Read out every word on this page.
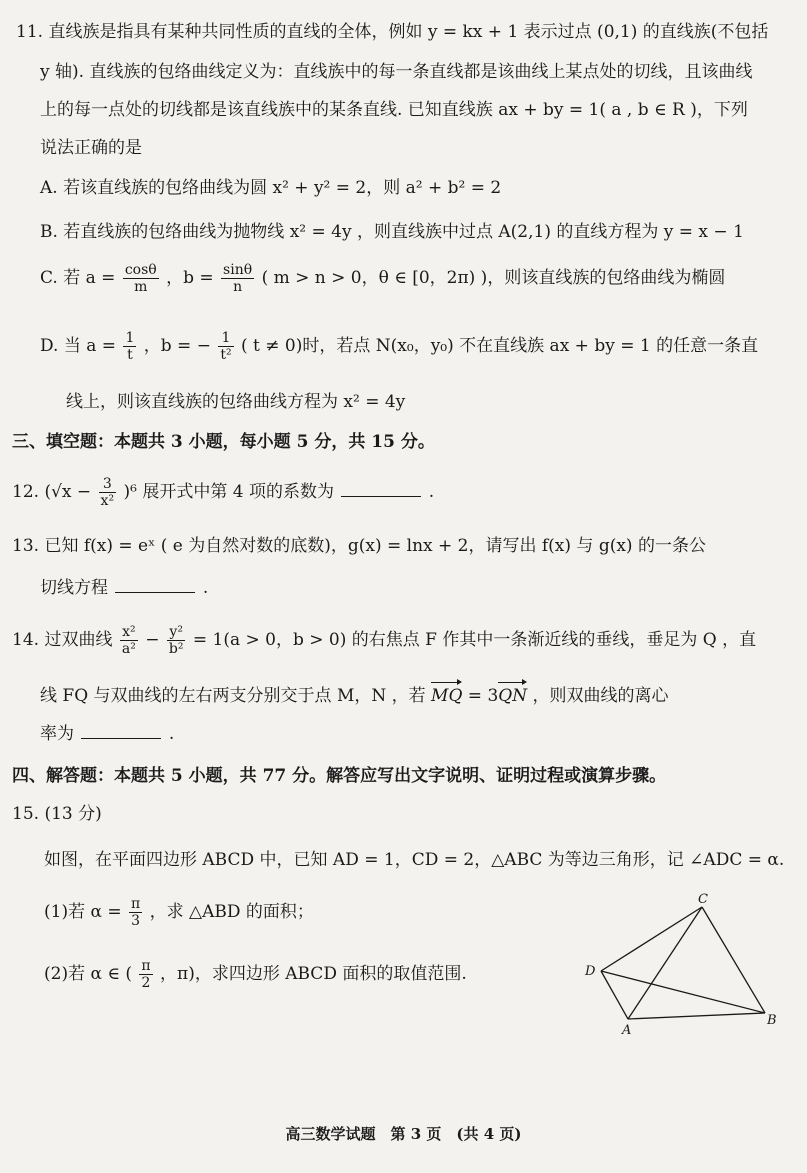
11. 直线族是指具有某种共同性质的直线的全体，例如 y = kx + 1 表示过点 (0,1) 的直线族(不包括
y 轴). 直线族的包络曲线定义为：直线族中的每一条直线都是该曲线上某点处的切线，且该曲线
上的每一点处的切线都是该直线族中的某条直线. 已知直线族 ax + by = 1( a , b ∈ R )，下列
说法正确的是
A. 若该直线族的包络曲线为圆 x² + y² = 2，则 a² + b² = 2
B. 若直线族的包络曲线为抛物线 x² = 4y ，则直线族中过点 A(2,1) 的直线方程为 y = x − 1
C. 若 $a = \frac{\cos\theta}{m}$ ，$b = \frac{\sin\theta}{n}$ ( m > n > 0，θ ∈ [0，2π) )，则该直线族的包络曲线为椭圆
D. 当 $a = \frac{1}{t}$ ，b = − $\frac{1}{\text{t²}}$ ( t ≠ 0)时，若点 N(x₀，y₀) 不在直线族 ax + by = 1 的任意一条直
线上，则该直线族的包络曲线方程为 x² = 4y
三、填空题：本题共 3 小题，每小题 5 分，共 15 分。
12. $(√x - \frac{3}{\text{x²}} )^6$ 展开式中第 4 项的系数为	.
13. 已知 f(x) = eˣ ( e 为自然对数的底数)，g(x) = lnx + 2，请写出 f(x) 与 g(x) 的一条公
切线方程	.
14. 过双曲线 $\frac{\text{x²}}{\text{a²}} - \frac{\text{y²}}{\text{b²}} = 1(a > 0$，b > 0) 的右焦点 F 作其中一条渐近线的垂线，垂足为 Q ，直
线 FQ 与双曲线的左右两支分别交于点 M，N ，若 MQ = 3QN ，则双曲线的离心
率为	.
四、解答题：本题共 5 小题，共 77 分。解答应写出文字说明、证明过程或演算步骤。
15. (13 分)
如图，在平面四边形 ABCD 中，已知 AD = 1，CD = 2，△ABC 为等边三角形，记 ∠ADC = α.
(1)若 $\alpha = \frac{\pi}{3}$ ，求 △ABD 的面积；
(2)若 α ∈ ( $\frac{\pi}{2}$ ，π)，求四边形 ABCD 面积的取值范围.
C
D
A
B
高三数学试题　第 3 页　(共 4 页)
